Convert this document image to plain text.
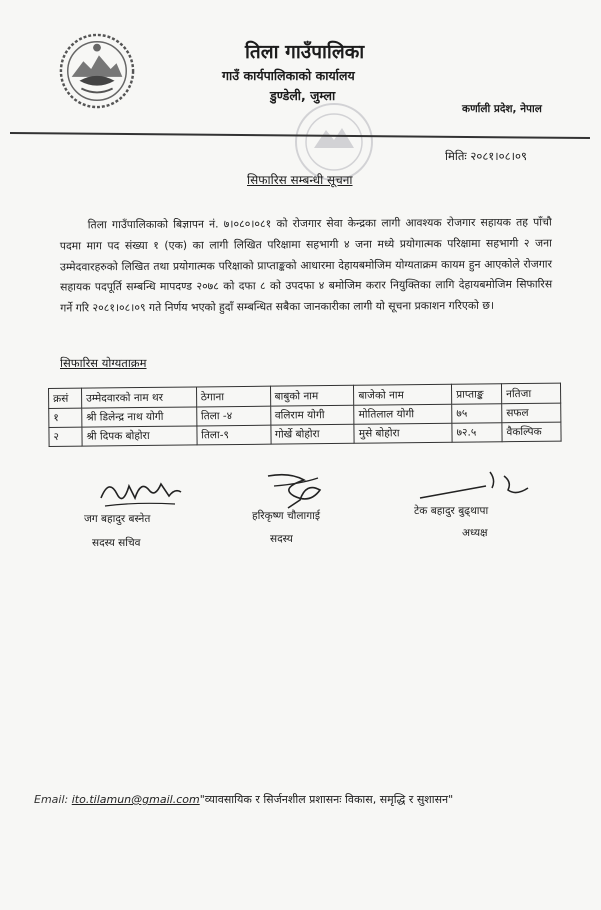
तिला गाउँपालिका
गाउँ कार्यपालिकाको कार्यालय
डुण्डेली, जुम्ला
कर्णाली प्रदेश, नेपाल
मितिः २०८१।०८।०९
सिफारिस सम्बन्धी सूचना
तिला गाउँपालिकाको बिज्ञापन नं. ७।०८०।०८१ को रोजगार सेवा केन्द्रका लागी आवश्यक रोजगार सहायक तह पाँचौ पदमा माग पद संख्या १ (एक) का लागी लिखित परिक्षामा सहभागी ४ जना मध्ये प्रयोगात्मक परिक्षामा सहभागी २ जना उम्मेदवारहरुको लिखित तथा प्रयोगात्मक परिक्षाको प्राप्ताङ्कको आधारमा देहायबमोजिम योग्यताक्रम कायम हुन आएकोले रोजगार सहायक पदपूर्ति सम्बन्धि मापदण्ड २०७८ को दफा ८ को उपदफा ४ बमोजिम करार नियुक्तिका लागि देहायबमोजिम सिफारिस गर्ने गरि २०८१।०८।०९ गते निर्णय भएको हुदाँ सम्बन्धित सबैका जानकारीका लागी यो सूचना प्रकाशन गरिएको छ।
सिफारिस योग्यताक्रम
क्रसं	उम्मेदवारको नाम थर	ठेगाना	बाबुको नाम	बाजेको नाम	प्राप्ताङ्क	नतिजा
१	श्री डिलेन्द्र नाथ योगी	तिला -४	वलिराम योगी	मोतिलाल योगी	७५	सफल
२	श्री दिपक बोहोरा	तिला-९	गोर्खे बोहोरा	मुसे बोहोरा	७२.५	वैकल्पिक
जग बहादुर बस्नेत
सदस्य सचिव
हरिकृष्ण चौलागाई
सदस्य
टेक बहादुर बुढ्थापा
अध्यक्ष
Email: ito.tilamun@gmail.com"व्यावसायिक र सिर्जनशील प्रशासनः विकास, समृद्धि र सुशासन"
